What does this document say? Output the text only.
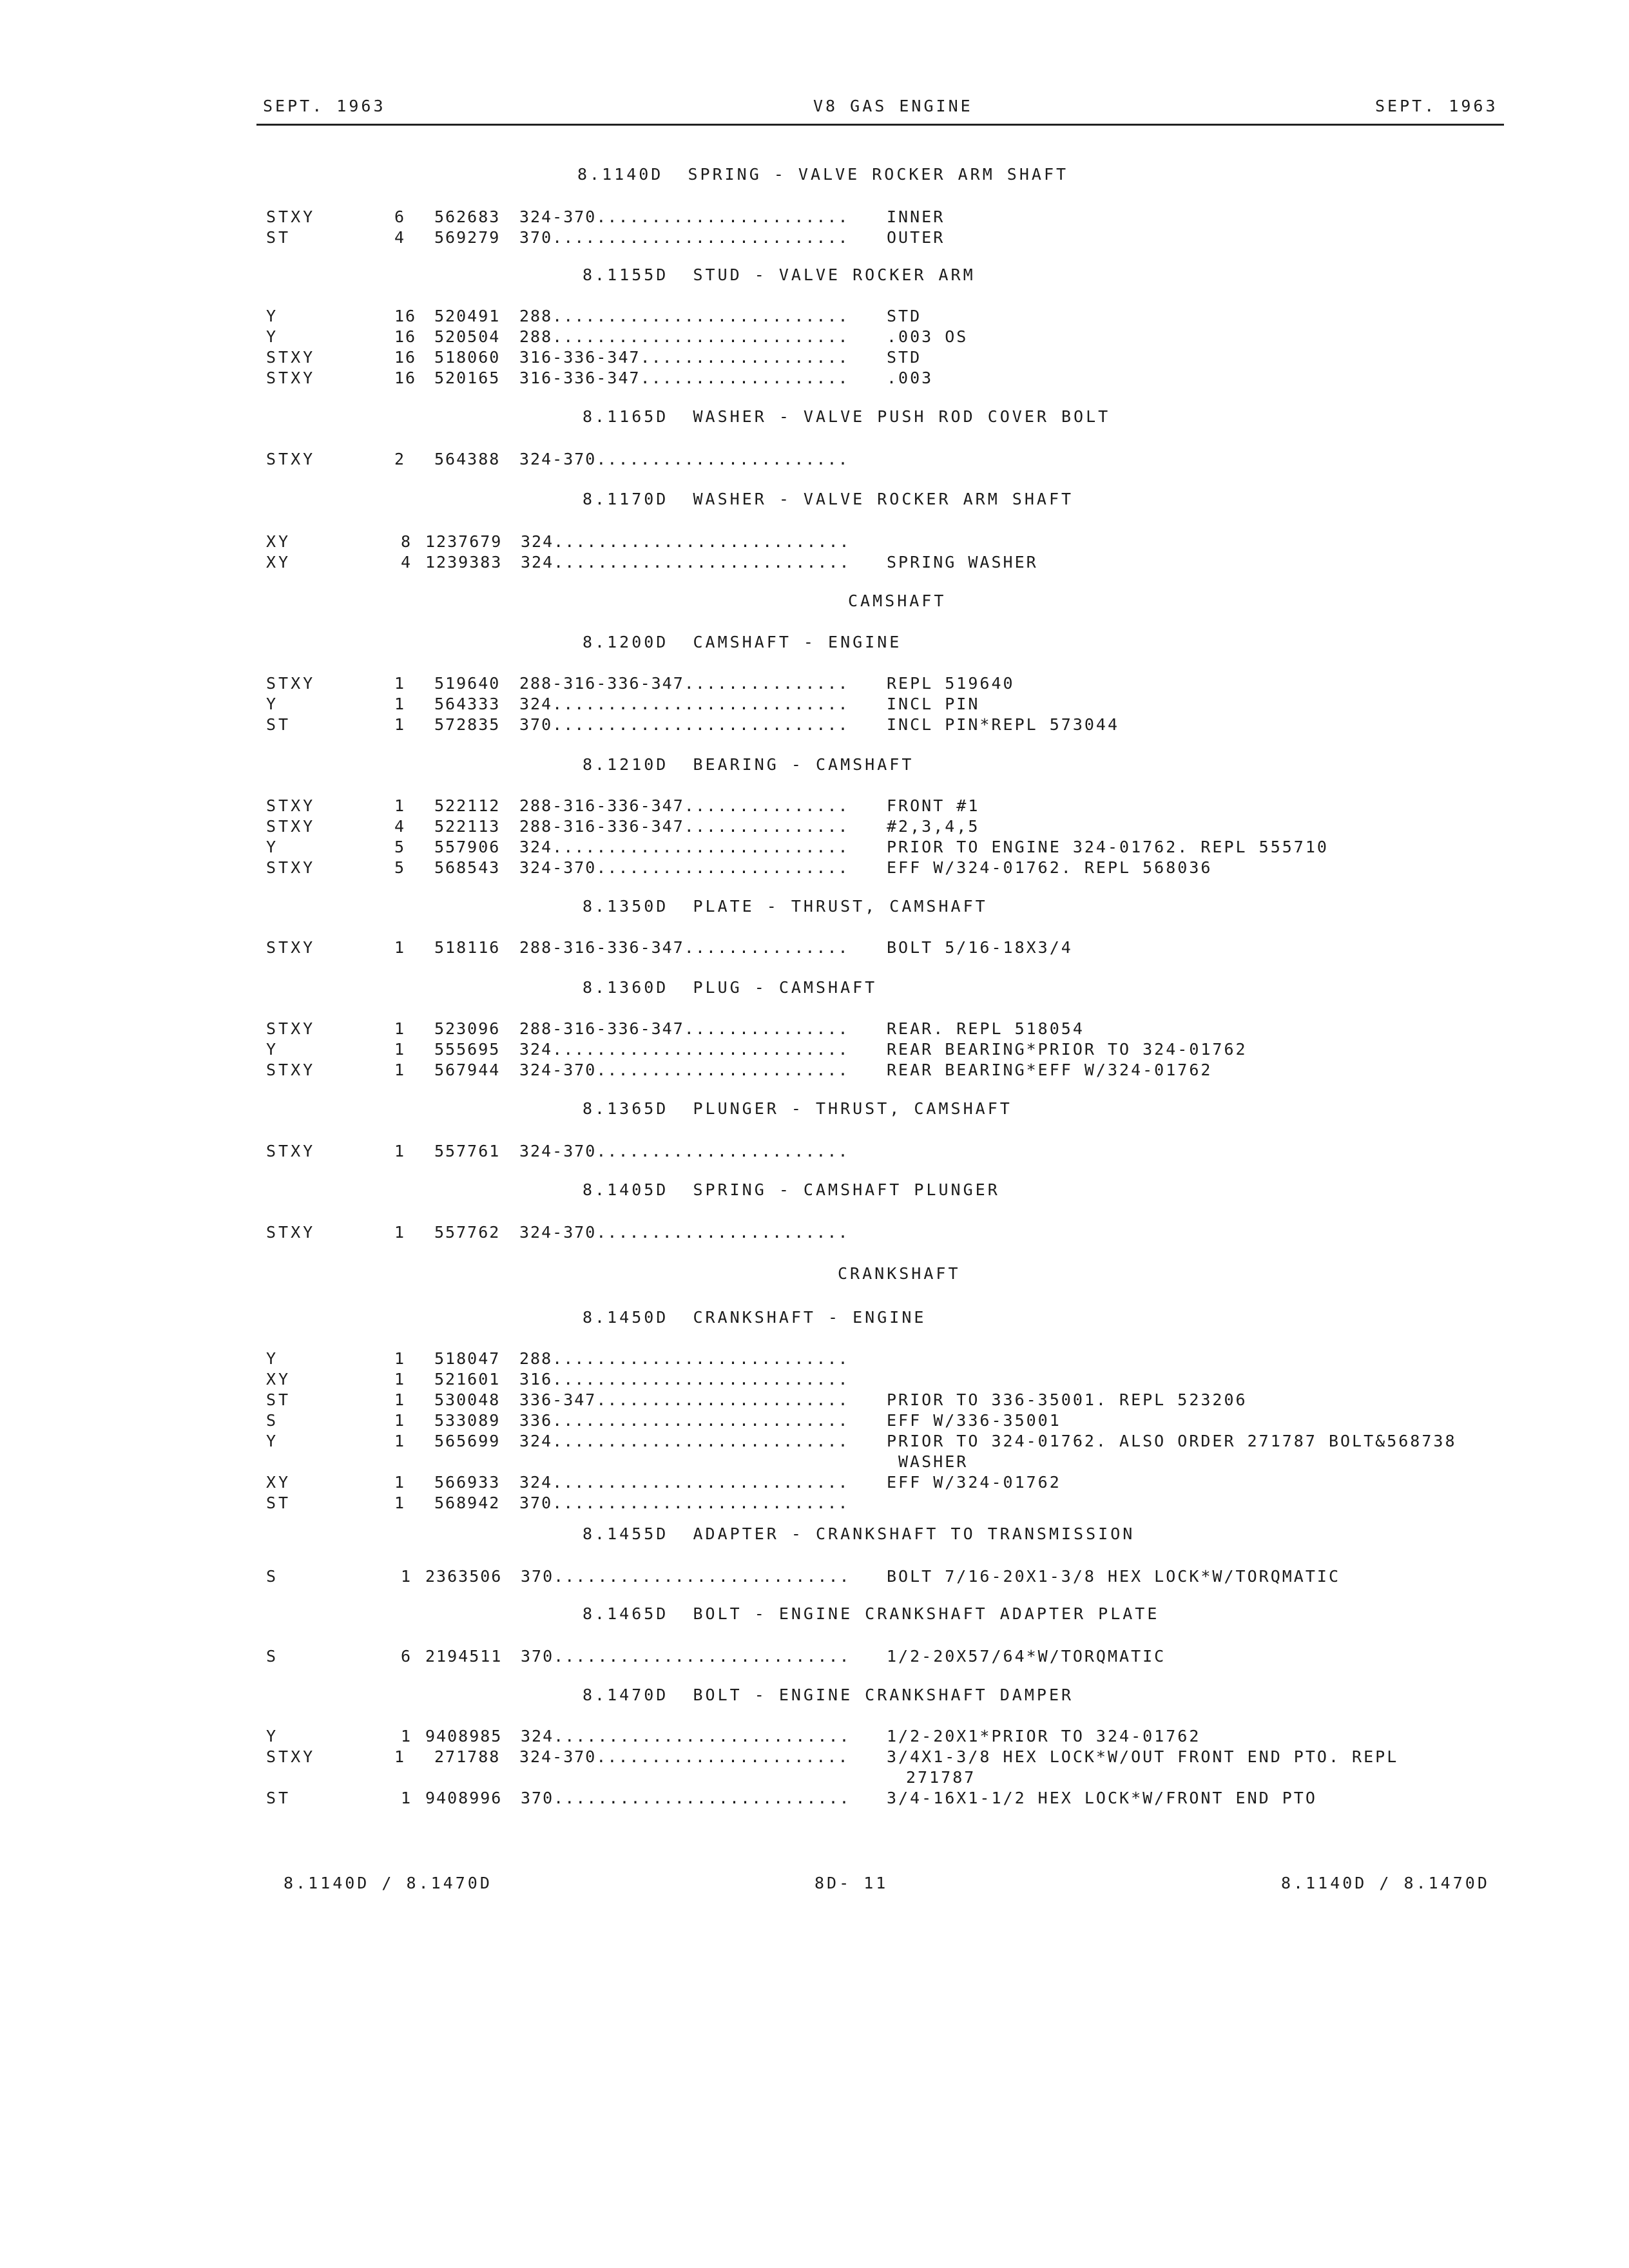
SEPT. 1963	V8 GAS ENGINE	SEPT. 1963
8.1140D  SPRING - VALVE ROCKER ARM SHAFT
STXY	6 562683 324-370....................... INNER
ST	4 569279 370........................... OUTER
8.1155D  STUD - VALVE ROCKER ARM
Y	16 520491 288........................... STD
Y	16 520504 288........................... .003 OS
STXY	16 518060 316-336-347................... STD
STXY	16 520165 316-336-347................... .003
8.1165D  WASHER - VALVE PUSH ROD COVER BOLT
STXY	2 564388 324-370.......................
8.1170D  WASHER - VALVE ROCKER ARM SHAFT
XY	8 1237679 324...........................
XY	4 1239383 324........................... SPRING WASHER
CAMSHAFT
8.1200D  CAMSHAFT - ENGINE
STXY	1 519640 288-316-336-347............... REPL 519640
Y	1 564333 324........................... INCL PIN
ST	1 572835 370........................... INCL PIN*REPL 573044
8.1210D  BEARING - CAMSHAFT
STXY	1 522112 288-316-336-347............... FRONT #1
STXY	4 522113 288-316-336-347............... #2,3,4,5
Y	5 557906 324........................... PRIOR TO ENGINE 324-01762. REPL 555710
STXY	5 568543 324-370....................... EFF W/324-01762. REPL 568036
8.1350D  PLATE - THRUST, CAMSHAFT
STXY	1 518116 288-316-336-347............... BOLT 5/16-18X3/4
8.1360D  PLUG - CAMSHAFT
STXY	1 523096 288-316-336-347............... REAR. REPL 518054
Y	1 555695 324........................... REAR BEARING*PRIOR TO 324-01762
STXY	1 567944 324-370....................... REAR BEARING*EFF W/324-01762
8.1365D  PLUNGER - THRUST, CAMSHAFT
STXY	1 557761 324-370.......................
8.1405D  SPRING - CAMSHAFT PLUNGER
STXY	1 557762 324-370.......................
CRANKSHAFT
8.1450D  CRANKSHAFT - ENGINE
Y	1 518047 288...........................
XY	1 521601 316...........................
ST	1 530048 336-347....................... PRIOR TO 336-35001. REPL 523206
S	1 533089 336........................... EFF W/336-35001
Y	1 565699 324........................... PRIOR TO 324-01762. ALSO ORDER 271787 BOLT&568738
WASHER
XY	1 566933 324........................... EFF W/324-01762
ST	1 568942 370...........................
8.1455D  ADAPTER - CRANKSHAFT TO TRANSMISSION
S	1 2363506 370........................... BOLT 7/16-20X1-3/8 HEX LOCK*W/TORQMATIC
8.1465D  BOLT - ENGINE CRANKSHAFT ADAPTER PLATE
S	6 2194511 370........................... 1/2-20X57/64*W/TORQMATIC
8.1470D  BOLT - ENGINE CRANKSHAFT DAMPER
Y	1 9408985 324........................... 1/2-20X1*PRIOR TO 324-01762
STXY	1 271788 324-370....................... 3/4X1-3/8 HEX LOCK*W/OUT FRONT END PTO. REPL
271787
ST	1 9408996 370........................... 3/4-16X1-1/2 HEX LOCK*W/FRONT END PTO
8.1140D / 8.1470D	8D- 11	8.1140D / 8.1470D
